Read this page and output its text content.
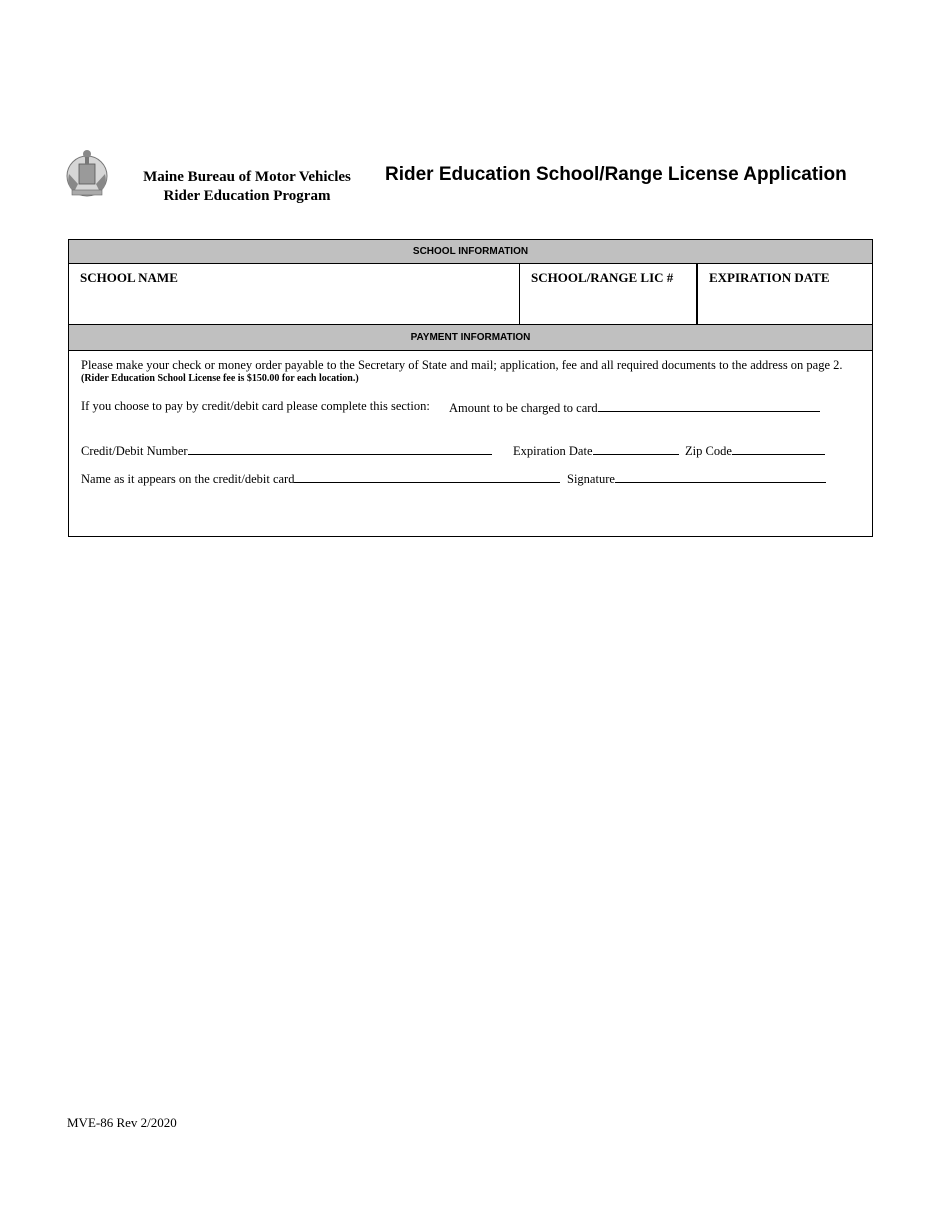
Maine Bureau of Motor Vehicles
Rider Education Program
Rider Education School/Range License Application
SCHOOL INFORMATION
SCHOOL NAME	SCHOOL/RANGE LIC #	EXPIRATION DATE
PAYMENT INFORMATION
Please make your check or money order payable to the Secretary of State and mail; application, fee and all required documents to the address on page 2.
(Rider Education School License fee is $150.00 for each location.)
If you choose to pay by credit/debit card please complete this section: Amount to be charged to card
Credit/Debit Number	Expiration Date	Zip Code
Name as it appears on the credit/debit card	Signature
MVE-86 Rev 2/2020
